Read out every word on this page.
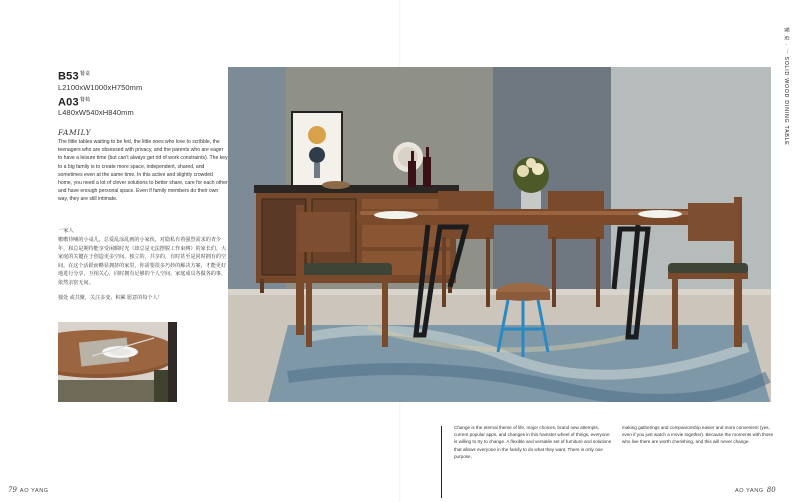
$B53^{餐桌}$
L2100xW1000xH750mm
$A03^{餐椅}$
L480xW540xH840mm
FAMILY
The little tables waiting to be fed, the little ones who love to scribble, the teenagers who are obsessed with privacy, and the parents who are eager to have a leisure time (but can't always get rid of work constraints). The key to a big family is to create more space, independent, shared, and sometimes even at the same time. In this active and slightly crowded home, you need a lot of clever solutions to better share, care for each other and have enough personal space. Even if family members do their own way, they are still intimate.
一家人
嗷嗷待哺的小桌儿，总爱乱涂乱画的小家伙，对隐私有着强烈需求的青少年，和总是期待能享受闲暇时光（却总是无法摆脱工作束缚）的家长们。大家庭的关键在于创造更多空间，独立的，共享的，有时甚至是同时拥有的空间。在这个活跃而略显拥挤的家里，你需要很多巧妙的解决方案，才能更好地进行分享，互相关心，同时拥有足够的个人空间。家庭成员各做各的事，依然亲密无间。
独处 或共聚，关注多变，积累 愿意的每个人！
79 AO YANG
餐 桌 · 一 SOLID WOOD DINING TABLE
Change is the eternal theme of life, major choices, brand new attempts, current popular apps, and changes in this hamster wheel of things, everyone is willing to try to change. A flexible and versatile set of furniture and solutions that allows everyone in the family to do what they want. There is only one purpose,
making gatherings and companionship easier and more convenient (yes, even if you just watch a movie together). Because the moments with those who live there are worth cherishing, and this will never change.
AO YANG 80
